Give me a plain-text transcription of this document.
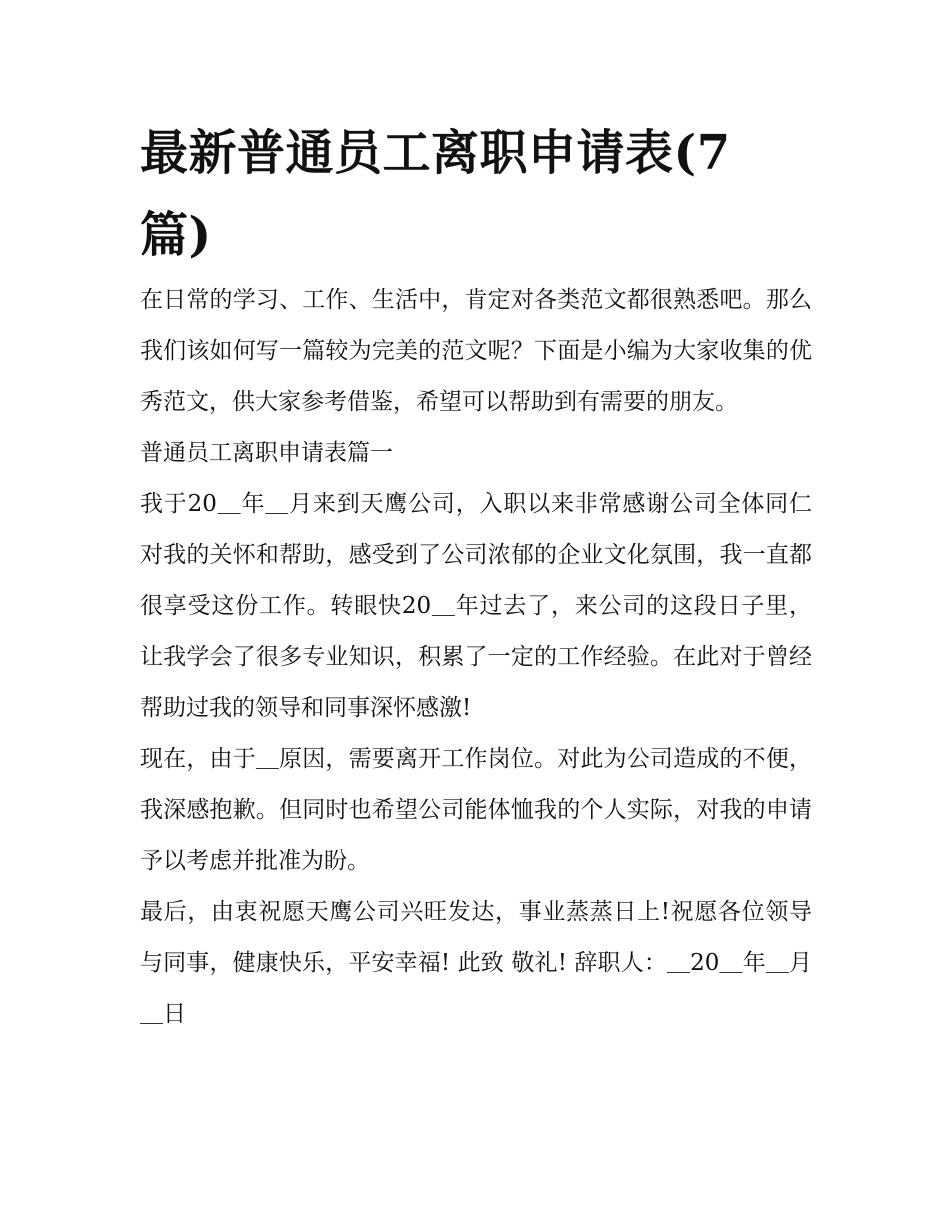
最新普通员工离职申请表(7篇)

在日常的学习、工作、生活中，肯定对各类范文都很熟悉吧。那么我们该如何写一篇较为完美的范文呢？下面是小编为大家收集的优秀范文，供大家参考借鉴，希望可以帮助到有需要的朋友。

普通员工离职申请表篇一

我于20＿年＿月来到天鹰公司，入职以来非常感谢公司全体同仁对我的关怀和帮助，感受到了公司浓郁的企业文化氛围，我一直都很享受这份工作。转眼快20＿年过去了，来公司的这段日子里，让我学会了很多专业知识，积累了一定的工作经验。在此对于曾经帮助过我的领导和同事深怀感激!

现在，由于＿原因，需要离开工作岗位。对此为公司造成的不便，我深感抱歉。但同时也希望公司能体恤我的个人实际，对我的申请予以考虑并批准为盼。

最后，由衷祝愿天鹰公司兴旺发达，事业蒸蒸日上!祝愿各位领导与同事，健康快乐，平安幸福! 此致 敬礼! 辞职人：＿20＿年＿月＿日
